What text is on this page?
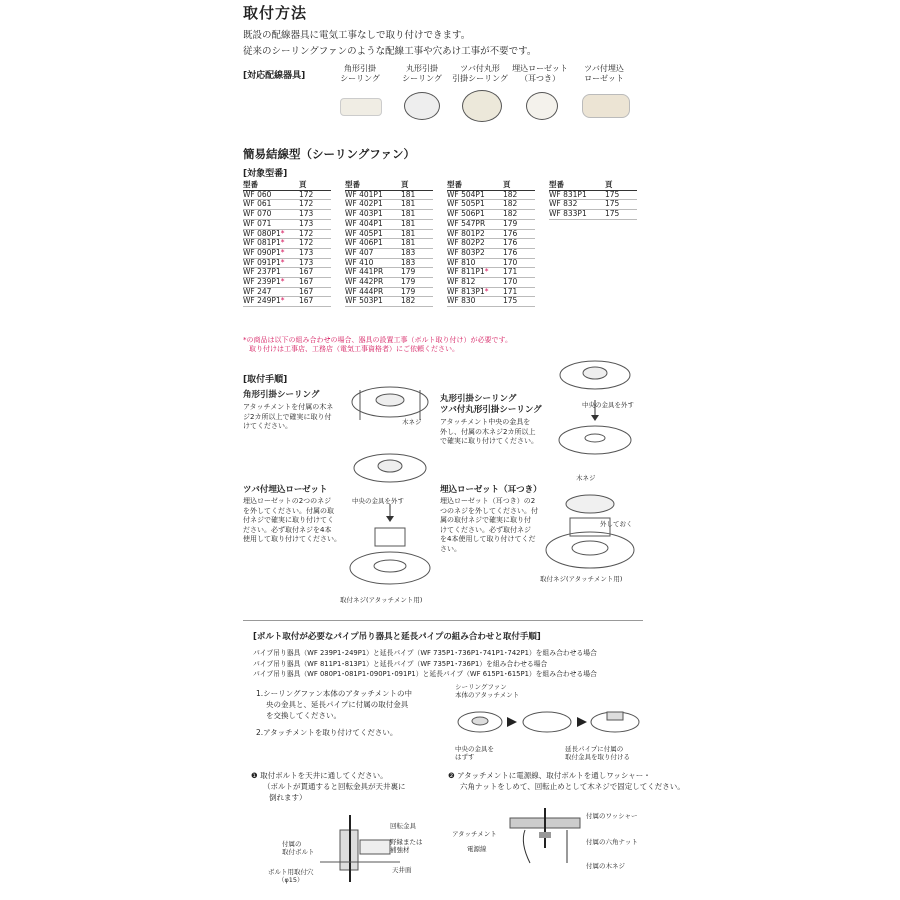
取付方法
既設の配線器具に電気工事なしで取り付けできます。
従来のシーリングファンのような配線工事や穴あけ工事が不要です。
[対応配線器具]
角形引掛
シーリング
丸形引掛
シーリング
ツバ付丸形
引掛シーリング
埋込ローゼット
（耳つき）
ツバ付埋込
ローゼット
簡易結線型（シーリングファン）
[対象型番]
型番	頁
WF 060	172
WF 061	172
WF 070	173
WF 071	173
WF 080P1*	172
WF 081P1*	172
WF 090P1*	173
WF 091P1*	173
WF 237P1	167
WF 239P1*	167
WF 247	167
WF 249P1*	167
型番	頁
WF 401P1	181
WF 402P1	181
WF 403P1	181
WF 404P1	181
WF 405P1	181
WF 406P1	181
WF 407	183
WF 410	183
WF 441PR	179
WF 442PR	179
WF 444PR	179
WF 503P1	182
型番	頁
WF 504P1	182
WF 505P1	182
WF 506P1	182
WF 547PR	179
WF 801P2	176
WF 802P2	176
WF 803P2	176
WF 810	170
WF 811P1*	171
WF 812	170
WF 813P1*	171
WF 830	175
型番	頁
WF 831P1	175
WF 832	175
WF 833P1	175
*の商品は以下の組み合わせの場合、器具の設置工事（ボルト取り付け）が必要です。
取り付けは工事店、工務店（電気工事資格者）にご依頼ください。
[取付手順]
角形引掛シーリング
アタッチメントを付属の木ネ
ジ2カ所以上で確実に取り付
けてください。	木ネジ
丸形引掛シーリング
ツバ付丸形引掛シーリング
アタッチメント中央の金具を
外し、付属の木ネジ2カ所以上
で確実に取り付けてください。
中央の金具を外す
木ネジ
ツバ付埋込ローゼット
埋込ローゼットの2つのネジ
を外してください。付属の取
付ネジで確実に取り付けてく
ださい。必ず取付ネジを4本
使用して取り付けてください。
中央の金具を外す
取付ネジ(アタッチメント用)
埋込ローゼット（耳つき）
埋込ローゼット（耳つき）の2
つのネジを外してください。付
属の取付ネジで確実に取り付
けてください。必ず取付ネジ
を4本使用して取り付けてくだ
さい。
外しておく
取付ネジ(アタッチメント用)
[ボルト取付が必要なパイプ吊り器具と延長パイプの組み合わせと取付手順]
パイプ吊り器具（WF 239P1･249P1）と延長パイプ（WF 735P1･736P1･741P1･742P1）を組み合わせる場合
パイプ吊り器具（WF 811P1･813P1）と延長パイプ（WF 735P1･736P1）を組み合わせる場合
パイプ吊り器具（WF 080P1･081P1･090P1･091P1）と延長パイプ（WF 615P1･615P1）を組み合わせる場合
1.シーリングファン本体のアタッチメントの中
央の金具と、延長パイプに付属の取付金具
を交換してください。
2.アタッチメントを取り付けてください。
シーリングファン
本体のアタッチメント
中央の金具を
はずす
延長パイプに付属の
取付金具を取り付ける
❶ 取付ボルトを天井に通してください。
（ボルトが貫通すると回転金具が天井裏に
倒れます）
回転金具
付属の
取付ボルト
野縁または
補強材
ボルト用取付穴
（φ15）
天井面
❷ アタッチメントに電源線、取付ボルトを通しワッシャー・
六角ナットをしめて、回転止めとして木ネジで固定してください。
付属のワッシャー
アタッチメント
付属の六角ナット
電源線
付属の木ネジ
